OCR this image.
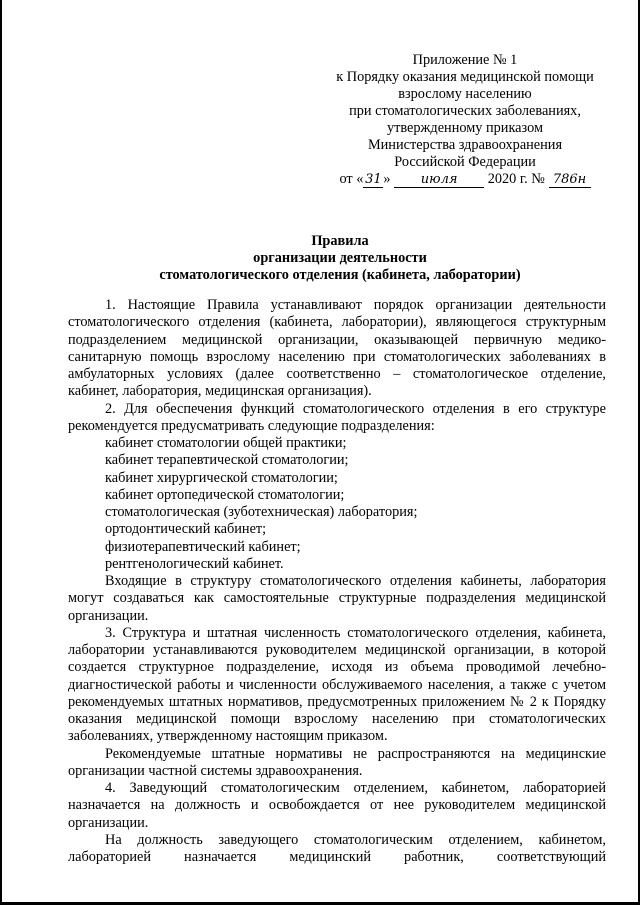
Приложение № 1
к Порядку оказания медицинской помощи
взрослому населению
при стоматологических заболеваниях,
утвержденному приказом
Министерства здравоохранения
Российской Федерации
от « 31 » июля 2020 г. № 786н
Правила
организации деятельности
стоматологического отделения (кабинета, лаборатории)

1. Настоящие Правила устанавливают порядок организации деятельности стоматологического отделения (кабинета, лаборатории), являющегося структурным подразделением медицинской организации, оказывающей первичную медико-санитарную помощь взрослому населению при стоматологических заболеваниях в амбулаторных условиях (далее соответственно – стоматологическое отделение, кабинет, лаборатория, медицинская организация).

2. Для обеспечения функций стоматологического отделения в его структуре рекомендуется предусматривать следующие подразделения:

кабинет стоматологии общей практики;

кабинет терапевтической стоматологии;

кабинет хирургической стоматологии;

кабинет ортопедической стоматологии;

стоматологическая (зуботехническая) лаборатория;

ортодонтический кабинет;

физиотерапевтический кабинет;

рентгенологический кабинет.

Входящие в структуру стоматологического отделения кабинеты, лаборатория могут создаваться как самостоятельные структурные подразделения медицинской организации.

3. Структура и штатная численность стоматологического отделения, кабинета, лаборатории устанавливаются руководителем медицинской организации, в которой создается структурное подразделение, исходя из объема проводимой лечебно-диагностической работы и численности обслуживаемого населения, а также с учетом рекомендуемых штатных нормативов, предусмотренных приложением № 2 к Порядку оказания медицинской помощи взрослому населению при стоматологических заболеваниях, утвержденному настоящим приказом.

Рекомендуемые штатные нормативы не распространяются на медицинские организации частной системы здравоохранения.

4. Заведующий стоматологическим отделением, кабинетом, лабораторией назначается на должность и освобождается от нее руководителем медицинской организации.

На должность заведующего стоматологическим отделением, кабинетом, лабораторией назначается медицинский работник, соответствующий
